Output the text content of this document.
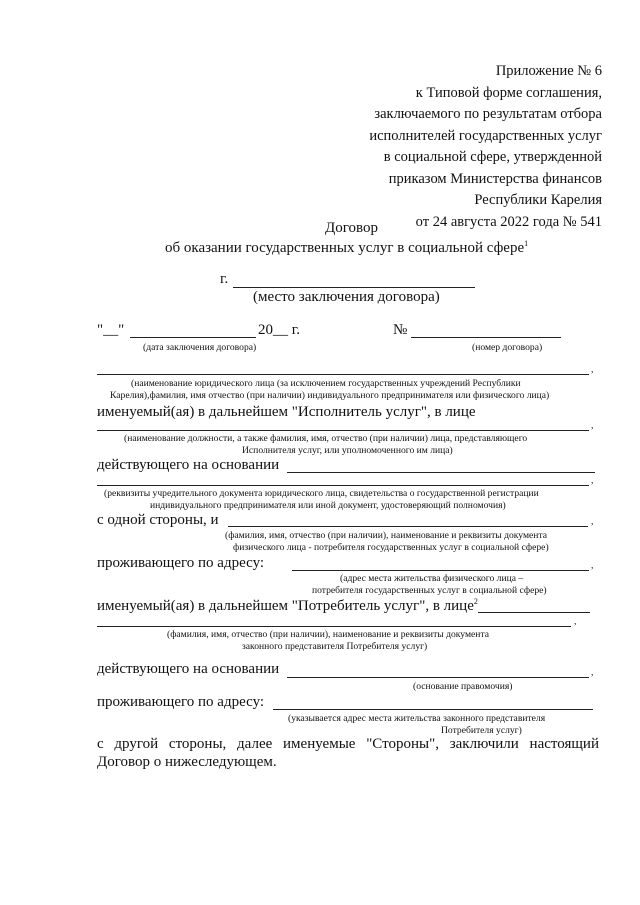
Приложение № 6
к Типовой форме соглашения,
заключаемого по результатам отбора
исполнителей государственных услуг
в социальной сфере, утвержденной
приказом Министерства финансов
Республики Карелия
от 24 августа 2022 года № 541
Договор
об оказании государственных услуг в социальной сфере$^1$
г.
(место заключения договора)
"__"	20__ г.	№
(дата заключения договора)	(номер договора)
,
(наименование юридического лица (за исключением государственных учреждений Республики
Карелия),фамилия, имя отчество (при наличии) индивидуального предпринимателя или физического лица)
именуемый(ая) в дальнейшем "Исполнитель услуг", в лице
,
(наименование должности, а также фамилия, имя, отчество (при наличии) лица, представляющего
Исполнителя услуг, или уполномоченного им лица)
действующего на основании
,
(реквизиты учредительного документа юридического лица, свидетельства о государственной регистрации
индивидуального предпринимателя или иной документ, удостоверяющий полномочия)
с одной стороны, и	,
(фамилия, имя, отчество (при наличии), наименование и реквизиты документа
физического лица - потребителя государственных услуг в социальной сфере)
проживающего по адресу:	,
(адрес места жительства физического лица –
потребителя государственных услуг в социальной сфере)
именуемый(ая) в дальнейшем "Потребитель услуг", в лице$^2$
,
(фамилия, имя, отчество (при наличии), наименование и реквизиты документа
законного представителя Потребителя услуг)
действующего на основании	,
(основание правомочия)
проживающего по адресу:
(указывается адрес места жительства законного представителя
Потребителя услуг)
с другой стороны, далее именуемые "Стороны", заключили настоящий
Договор о нижеследующем.
